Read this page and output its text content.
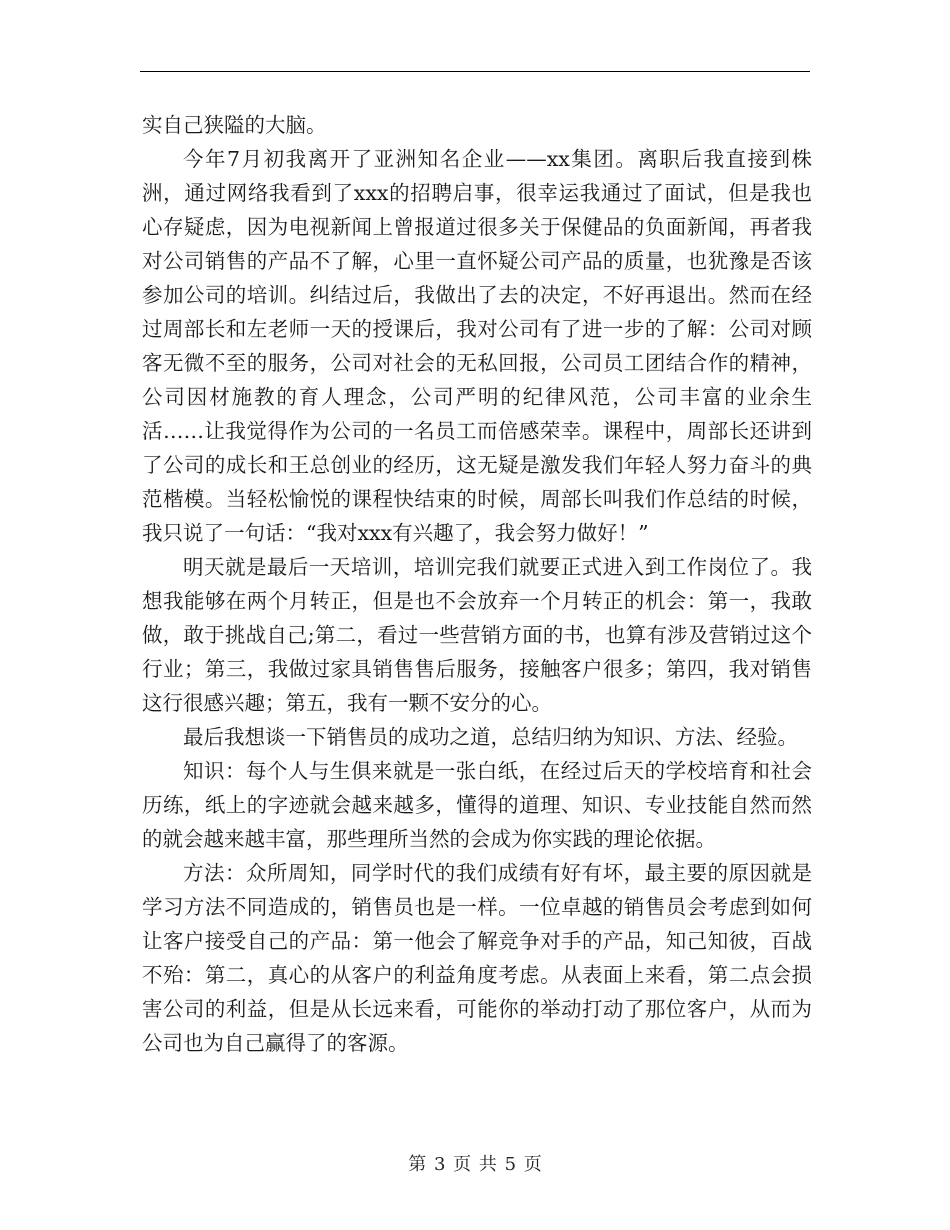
实自己狭隘的大脑。

今年7月初我离开了亚洲知名企业——xx集团。离职后我直接到株洲，通过网络我看到了xxx的招聘启事，很幸运我通过了面试，但是我也心存疑虑，因为电视新闻上曾报道过很多关于保健品的负面新闻，再者我对公司销售的产品不了解，心里一直怀疑公司产品的质量，也犹豫是否该参加公司的培训。纠结过后，我做出了去的决定，不好再退出。然而在经过周部长和左老师一天的授课后，我对公司有了进一步的了解：公司对顾客无微不至的服务，公司对社会的无私回报，公司员工团结合作的精神，公司因材施教的育人理念，公司严明的纪律风范，公司丰富的业余生活……让我觉得作为公司的一名员工而倍感荣幸。课程中，周部长还讲到了公司的成长和王总创业的经历，这无疑是激发我们年轻人努力奋斗的典范楷模。当轻松愉悦的课程快结束的时候，周部长叫我们作总结的时候，我只说了一句话：“我对xxx有兴趣了，我会努力做好！”

明天就是最后一天培训，培训完我们就要正式进入到工作岗位了。我想我能够在两个月转正，但是也不会放弃一个月转正的机会：第一，我敢做，敢于挑战自己;第二，看过一些营销方面的书，也算有涉及营销过这个行业；第三，我做过家具销售售后服务，接触客户很多；第四，我对销售这行很感兴趣；第五，我有一颗不安分的心。

最后我想谈一下销售员的成功之道，总结归纳为知识、方法、经验。

知识：每个人与生俱来就是一张白纸，在经过后天的学校培育和社会历练，纸上的字迹就会越来越多，懂得的道理、知识、专业技能自然而然的就会越来越丰富，那些理所当然的会成为你实践的理论依据。

方法：众所周知，同学时代的我们成绩有好有坏，最主要的原因就是学习方法不同造成的，销售员也是一样。一位卓越的销售员会考虑到如何让客户接受自己的产品：第一他会了解竞争对手的产品，知己知彼，百战不殆：第二，真心的从客户的利益角度考虑。从表面上来看，第二点会损害公司的利益，但是从长远来看，可能你的举动打动了那位客户，从而为公司也为自己赢得了的客源。

第 3 页 共 5 页
